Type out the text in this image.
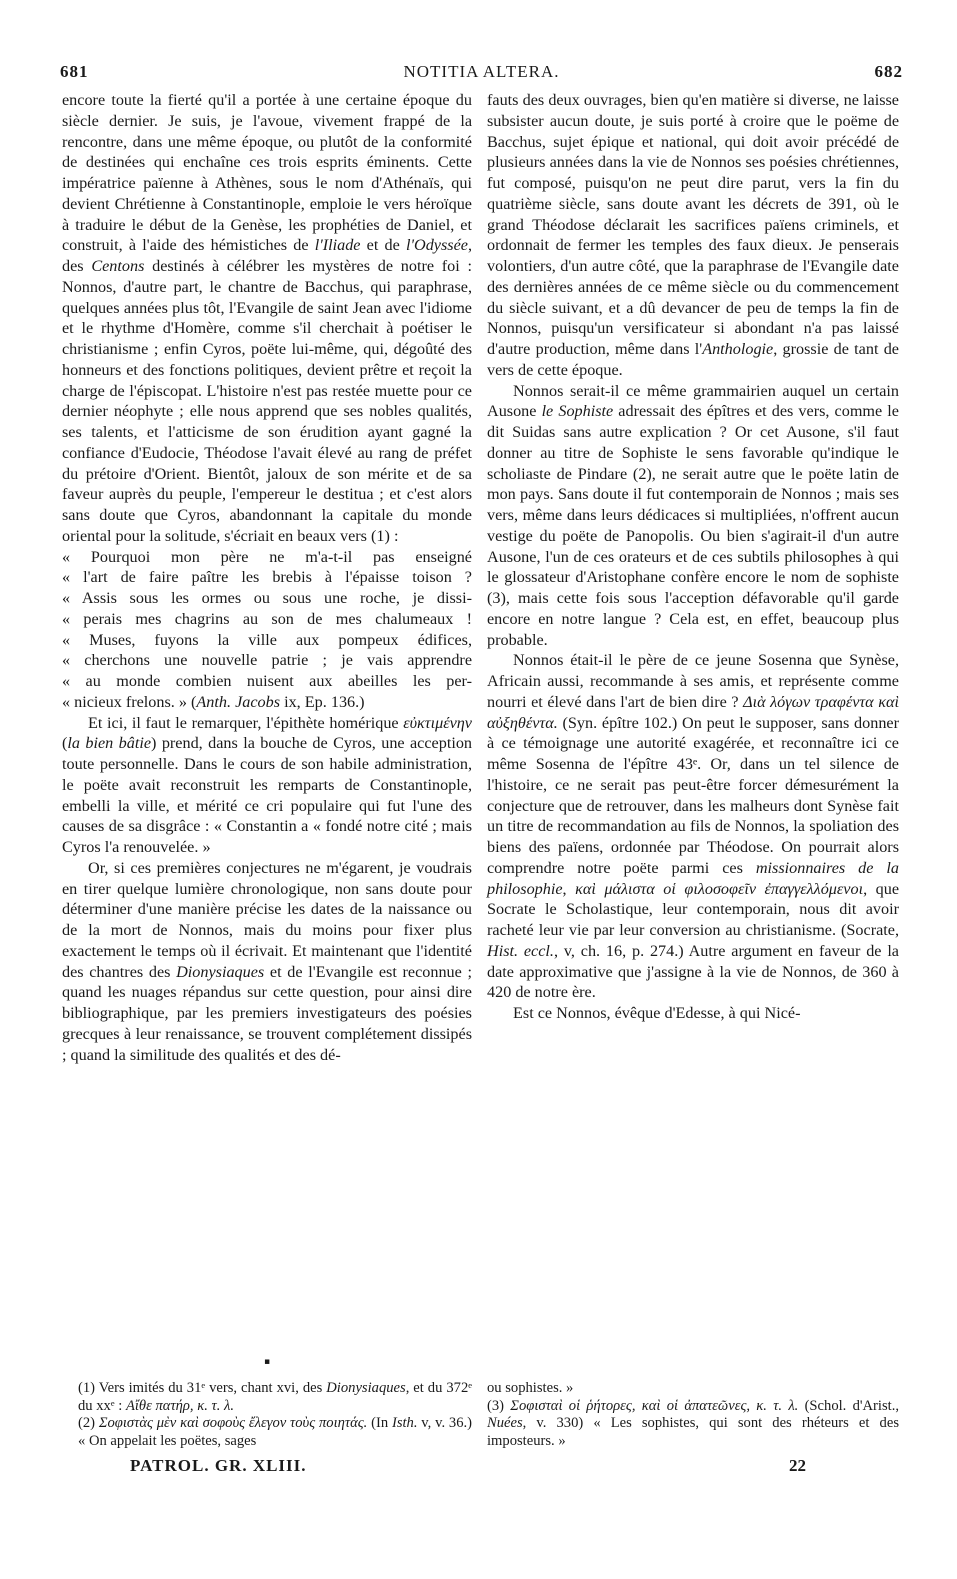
681	NOTITIA ALTERA.	682

encore toute la fierté qu'il a portée à une certaine époque du siècle dernier. Je suis, je l'avoue, vivement frappé de la rencontre, dans une même époque, ou plutôt de la conformité de destinées qui enchaîne ces trois esprits éminents. Cette impératrice païenne à Athènes, sous le nom d'Athénaïs, qui devient Chrétienne à Constantinople, emploie le vers héroïque à traduire le début de la Genèse, les prophéties de Daniel, et construit, à l'aide des hémistiches de l'Iliade et de l'Odyssée, des Centons destinés à célébrer les mystères de notre foi : Nonnos, d'autre part, le chantre de Bacchus, qui paraphrase, quelques années plus tôt, l'Evangile de saint Jean avec l'idiome et le rhythme d'Homère, comme s'il cherchait à poétiser le christianisme ; enfin Cyros, poëte lui-même, qui, dégoûté des honneurs et des fonctions politiques, devient prêtre et reçoit la charge de l'épiscopat. L'histoire n'est pas restée muette pour ce dernier néophyte ; elle nous apprend que ses nobles qualités, ses talents, et l'atticisme de son érudition ayant gagné la confiance d'Eudocie, Théodose l'avait élevé au rang de préfet du prétoire d'Orient. Bientôt, jaloux de son mérite et de sa faveur auprès du peuple, l'empereur le destitua ; et c'est alors sans doute que Cyros, abandonnant la capitale du monde oriental pour la solitude, s'écriait en beaux vers (1) :

« Pourquoi mon père ne m'a-t-il pas enseigné
« l'art de faire paître les brebis à l'épaisse toison ?
« Assis sous les ormes ou sous une roche, je dissi-
« perais mes chagrins au son de mes chalumeaux !
« Muses, fuyons la ville aux pompeux édifices,
« cherchons une nouvelle patrie ; je vais apprendre
« au monde combien nuisent aux abeilles les per-
« nicieux frelons. » (Anth. Jacobs ix, Ep. 136.)

Et ici, il faut le remarquer, l'épithète homérique εὐκτιμένην (la bien bâtie) prend, dans la bouche de Cyros, une acception toute personnelle. Dans le cours de son habile administration, le poëte avait reconstruit les remparts de Constantinople, embelli la ville, et mérité ce cri populaire qui fut l'une des causes de sa disgrâce : « Constantin a « fondé notre cité ; mais Cyros l'a renouvelée. »

Or, si ces premières conjectures ne m'égarent, je voudrais en tirer quelque lumière chronologique, non sans doute pour déterminer d'une manière précise les dates de la naissance ou de la mort de Nonnos, mais du moins pour fixer plus exactement le temps où il écrivait. Et maintenant que l'identité des chantres des Dionysiaques et de l'Evangile est reconnue ; quand les nuages répandus sur cette question, pour ainsi dire bibliographique, par les premiers investigateurs des poésies grecques à leur renaissance, se trouvent complétement dissipés ; quand la similitude des qualités et des dé-

fauts des deux ouvrages, bien qu'en matière si diverse, ne laisse subsister aucun doute, je suis porté à croire que le poëme de Bacchus, sujet épique et national, qui doit avoir précédé de plusieurs années dans la vie de Nonnos ses poésies chrétiennes, fut composé, puisqu'on ne peut dire parut, vers la fin du quatrième siècle, sans doute avant les décrets de 391, où le grand Théodose déclarait les sacrifices païens criminels, et ordonnait de fermer les temples des faux dieux. Je penserais volontiers, d'un autre côté, que la paraphrase de l'Evangile date des dernières années de ce même siècle ou du commencement du siècle suivant, et a dû devancer de peu de temps la fin de Nonnos, puisqu'un versificateur si abondant n'a pas laissé d'autre production, même dans l'Anthologie, grossie de tant de vers de cette époque.

Nonnos serait-il ce même grammairien auquel un certain Ausone le Sophiste adressait des épîtres et des vers, comme le dit Suidas sans autre explication ? Or cet Ausone, s'il faut donner au titre de Sophiste le sens favorable qu'indique le scholiaste de Pindare (2), ne serait autre que le poëte latin de mon pays. Sans doute il fut contemporain de Nonnos ; mais ses vers, même dans leurs dédicaces si multipliées, n'offrent aucun vestige du poëte de Panopolis. Ou bien s'agirait-il d'un autre Ausone, l'un de ces orateurs et de ces subtils philosophes à qui le glossateur d'Aristophane confère encore le nom de sophiste (3), mais cette fois sous l'acception défavorable qu'il garde encore en notre langue ? Cela est, en effet, beaucoup plus probable.

Nonnos était-il le père de ce jeune Sosenna que Synèse, Africain aussi, recommande à ses amis, et représente comme nourri et élevé dans l'art de bien dire ? Διὰ λόγων τραφέντα καὶ αὐξηθέντα. (Syn. épître 102.) On peut le supposer, sans donner à ce témoignage une autorité exagérée, et reconnaître ici ce même Sosenna de l'épître 43ᵉ. Or, dans un tel silence de l'histoire, ce ne serait pas peut-être forcer démesurément la conjecture que de retrouver, dans les malheurs dont Synèse fait un titre de recommandation au fils de Nonnos, la spoliation des biens des païens, ordonnée par Théodose. On pourrait alors comprendre notre poëte parmi ces missionnaires de la philosophie, καὶ μάλιστα οἱ φιλοσοφεῖν ἐπαγγελλόμενοι, que Socrate le Scholastique, leur contemporain, nous dit avoir racheté leur vie par leur conversion au christianisme. (Socrate, Hist. eccl., v, ch. 16, p. 274.) Autre argument en faveur de la date approximative que j'assigne à la vie de Nonnos, de 360 à 420 de notre ère.

Est ce Nonnos, évêque d'Edesse, à qui Nicé-

▪

(1) Vers imités du 31ᵉ vers, chant xvi, des Dionysiaques, et du 372ᵉ du xxᵉ : Αἴθε πατήρ, κ. τ. λ.

(2) Σοφιστὰς μὲν καὶ σοφοὺς ἔλεγον τοὺς ποιητάς. (In Isth. v, v. 36.) « On appelait les poëtes, sages

ou sophistes. »

(3) Σοφισταὶ οἱ ῥήτορες, καὶ οἱ ἀπατεῶνες, κ. τ. λ. (Schol. d'Arist., Nuées, v. 330) « Les sophistes, qui sont des rhéteurs et des imposteurs. »

PATROL. GR. XLIII.	22
